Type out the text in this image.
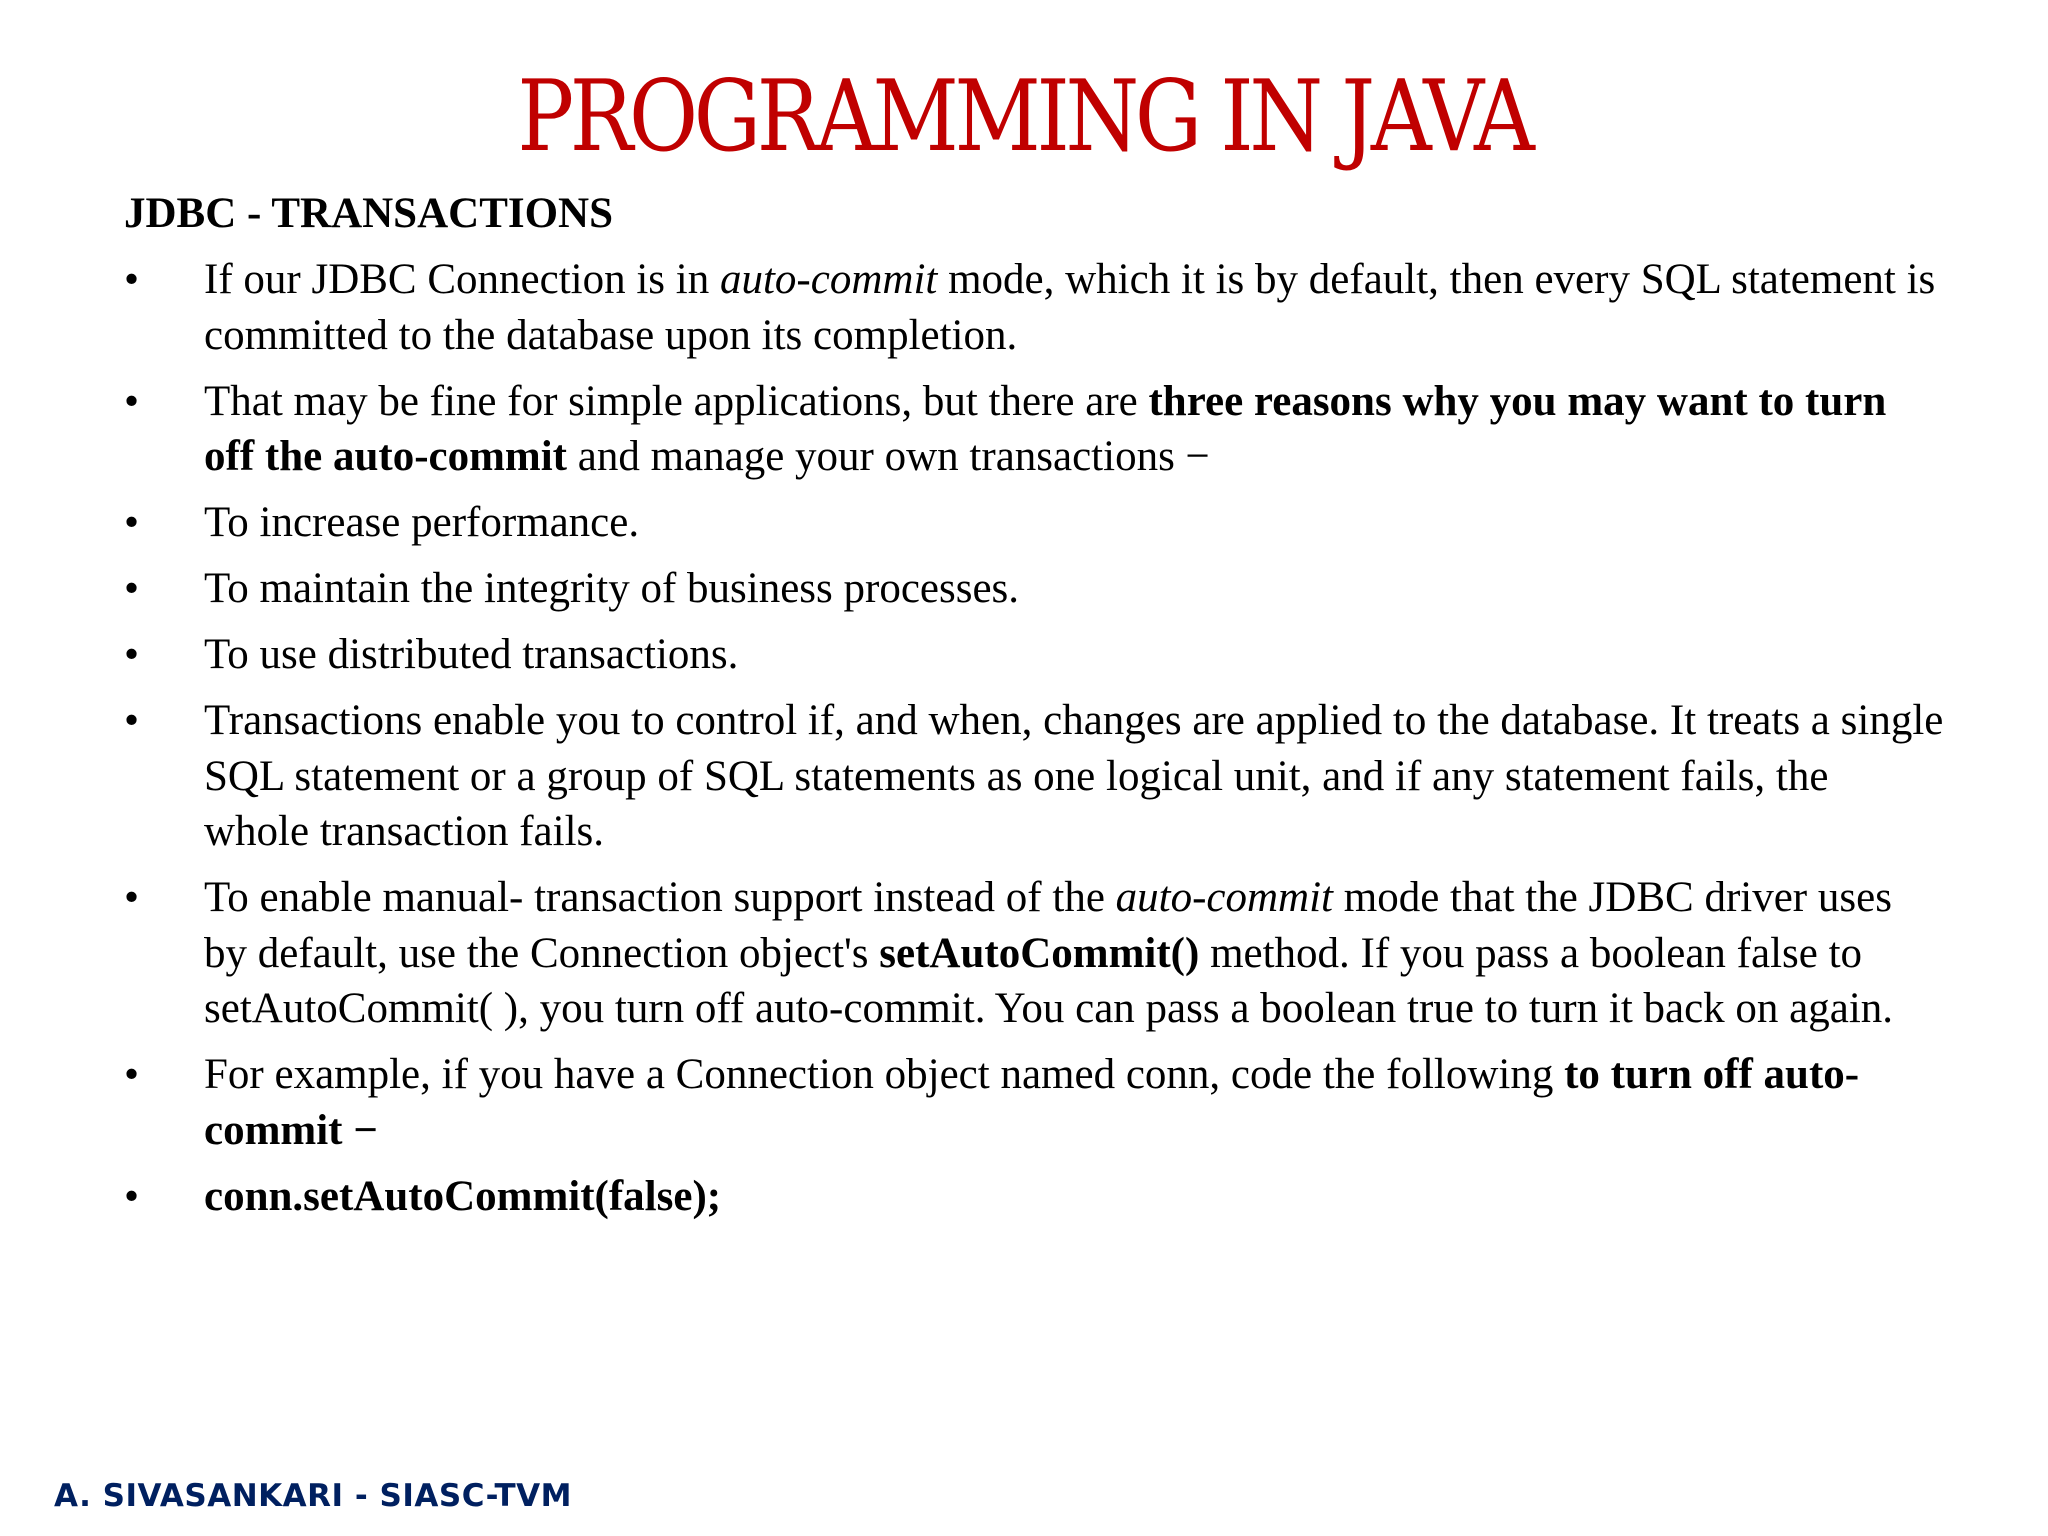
PROGRAMMING IN JAVA
JDBC - TRANSACTIONS
•	If our JDBC Connection is in auto-commit mode, which it is by default, then every SQL statement is committed to the database upon its completion.
•	That may be fine for simple applications, but there are three reasons why you may want to turn off the auto-commit and manage your own transactions −
•	To increase performance.
•	To maintain the integrity of business processes.
•	To use distributed transactions.
•	Transactions enable you to control if, and when, changes are applied to the database. It treats a single SQL statement or a group of SQL statements as one logical unit, and if any statement fails, the whole transaction fails.
•	To enable manual- transaction support instead of the auto-commit mode that the JDBC driver uses by default, use the Connection object's setAutoCommit() method. If you pass a boolean false to setAutoCommit( ), you turn off auto-commit. You can pass a boolean true to turn it back on again.
•	For example, if you have a Connection object named conn, code the following to turn off auto-commit −
•	conn.setAutoCommit(false);
A. SIVASANKARI - SIASC-TVM
